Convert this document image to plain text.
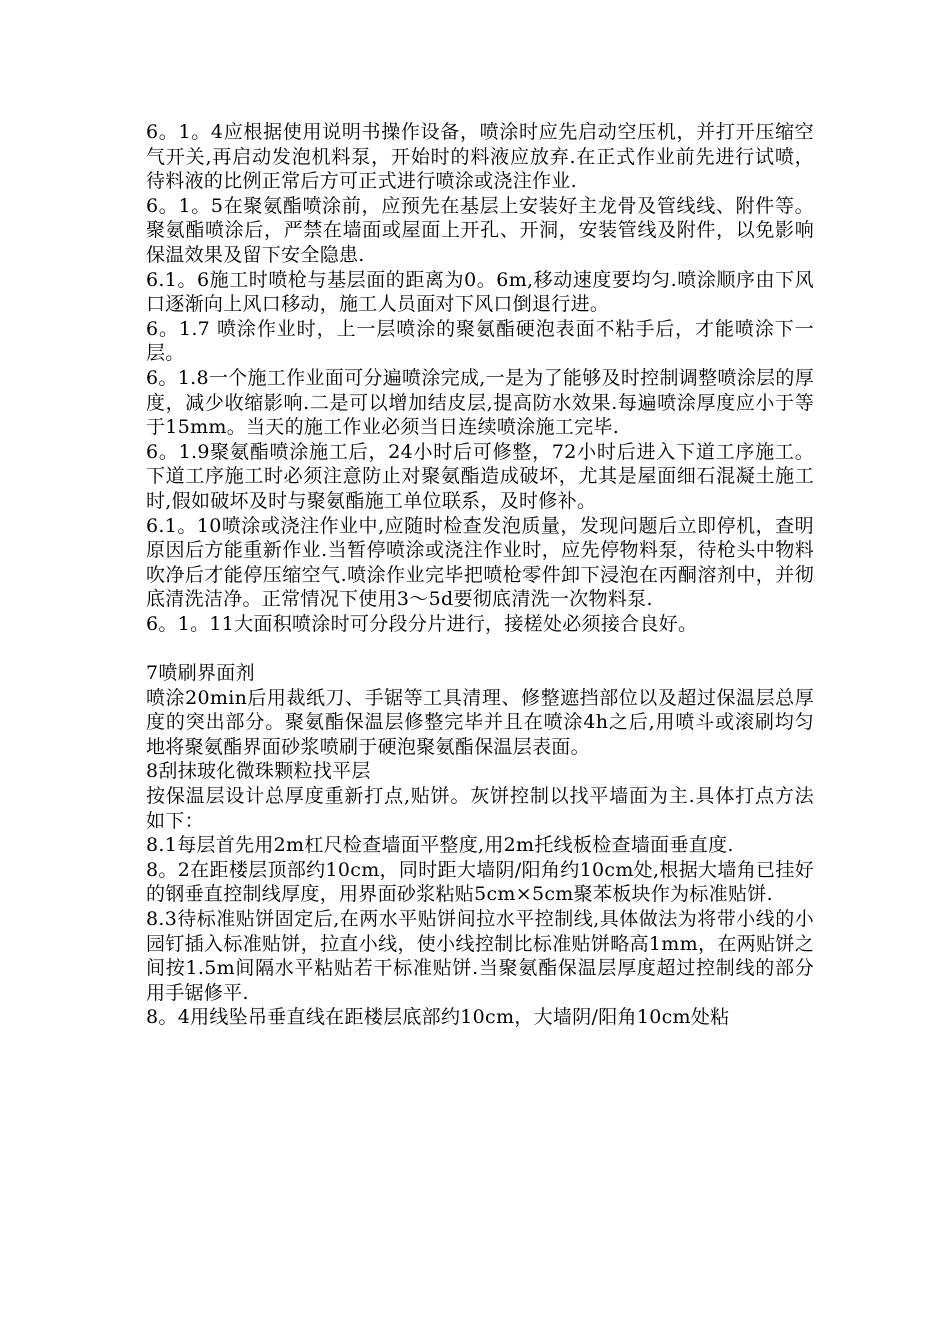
6。1。4应根据使用说明书操作设备，喷涂时应先启动空压机，并打开压缩空气开关,再启动发泡机料泵，开始时的料液应放弃.在正式作业前先进行试喷，待料液的比例正常后方可正式进行喷涂或浇注作业.

6。1。5在聚氨酯喷涂前，应预先在基层上安装好主龙骨及管线线、附件等。聚氨酯喷涂后，严禁在墙面或屋面上开孔、开洞，安装管线及附件，以免影响保温效果及留下安全隐患.

6.1。6施工时喷枪与基层面的距离为0。6m,移动速度要均匀.喷涂顺序由下风口逐渐向上风口移动，施工人员面对下风口倒退行进。

6。1.7 喷涂作业时，上一层喷涂的聚氨酯硬泡表面不粘手后，才能喷涂下一层。

6。1.8一个施工作业面可分遍喷涂完成,一是为了能够及时控制调整喷涂层的厚度，减少收缩影响.二是可以增加结皮层,提高防水效果.每遍喷涂厚度应小于等于15mm。当天的施工作业必须当日连续喷涂施工完毕.

6。1.9聚氨酯喷涂施工后，24小时后可修整，72小时后进入下道工序施工。下道工序施工时必须注意防止对聚氨酯造成破坏，尤其是屋面细石混凝土施工时,假如破坏及时与聚氨酯施工单位联系，及时修补。

6.1。10喷涂或浇注作业中,应随时检查发泡质量，发现问题后立即停机，查明原因后方能重新作业.当暂停喷涂或浇注作业时，应先停物料泵，待枪头中物料吹净后才能停压缩空气.喷涂作业完毕把喷枪零件卸下浸泡在丙酮溶剂中，并彻底清洗洁净。正常情况下使用3～5d要彻底清洗一次物料泵.

6。1。11大面积喷涂时可分段分片进行，接槎处必须接合良好。

7喷刷界面剂

喷涂20min后用裁纸刀、手锯等工具清理、修整遮挡部位以及超过保温层总厚度的突出部分。聚氨酯保温层修整完毕并且在喷涂4h之后,用喷斗或滚刷均匀地将聚氨酯界面砂浆喷刷于硬泡聚氨酯保温层表面。

8刮抹玻化微珠颗粒找平层

按保温层设计总厚度重新打点,贴饼。灰饼控制以找平墙面为主.具体打点方法如下：

8.1每层首先用2m杠尺检查墙面平整度,用2m托线板检查墙面垂直度.

8。2在距楼层顶部约10cm，同时距大墙阴/阳角约10cm处,根据大墙角已挂好的钢垂直控制线厚度，用界面砂浆粘贴5cm×5cm聚苯板块作为标准贴饼.

8.3待标准贴饼固定后,在两水平贴饼间拉水平控制线,具体做法为将带小线的小园钉插入标准贴饼，拉直小线，使小线控制比标准贴饼略高1mm，在两贴饼之间按1.5m间隔水平粘贴若干标准贴饼.当聚氨酯保温层厚度超过控制线的部分用手锯修平.

8。4用线坠吊垂直线在距楼层底部约10cm，大墙阴/阳角10cm处粘
